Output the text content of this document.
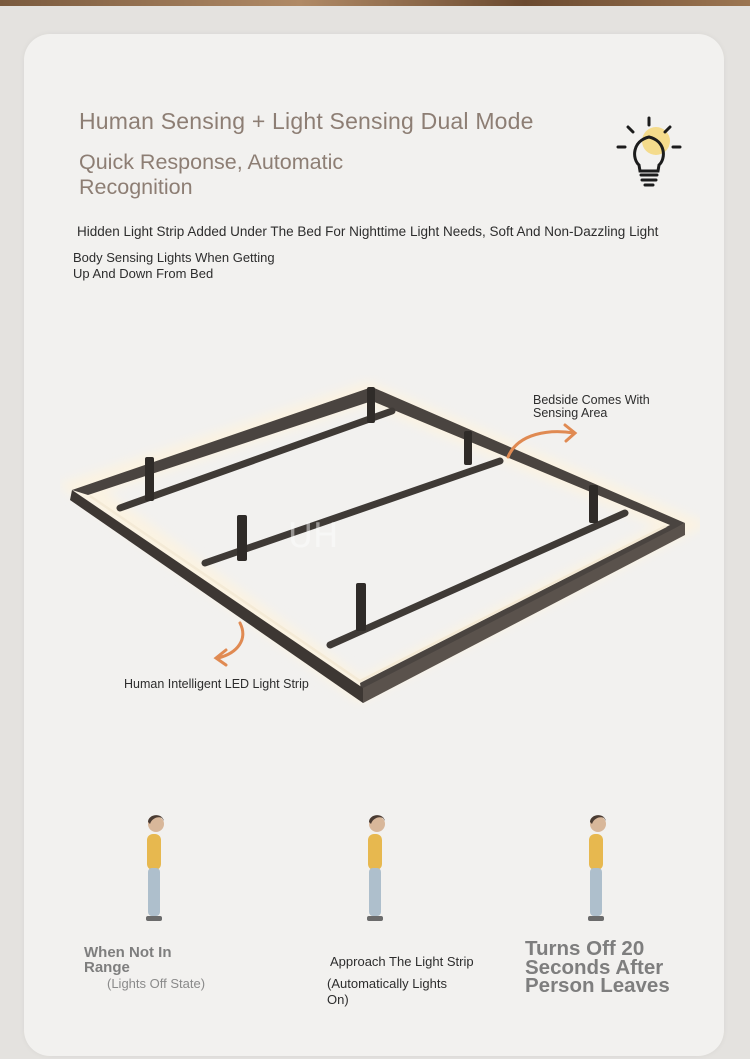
Human Sensing + Light Sensing Dual Mode
Quick Response, Automatic Recognition
Hidden Light Strip Added Under The Bed For Nighttime Light Needs, Soft And Non-Dazzling Light
Body Sensing Lights When Getting Up And Down From Bed
UH
Bedside Comes With Sensing Area
Human Intelligent LED Light Strip
When Not In Range
(Lights Off State)
Approach The Light Strip
(Automatically Lights On)
Turns Off 20 Seconds After Person Leaves
